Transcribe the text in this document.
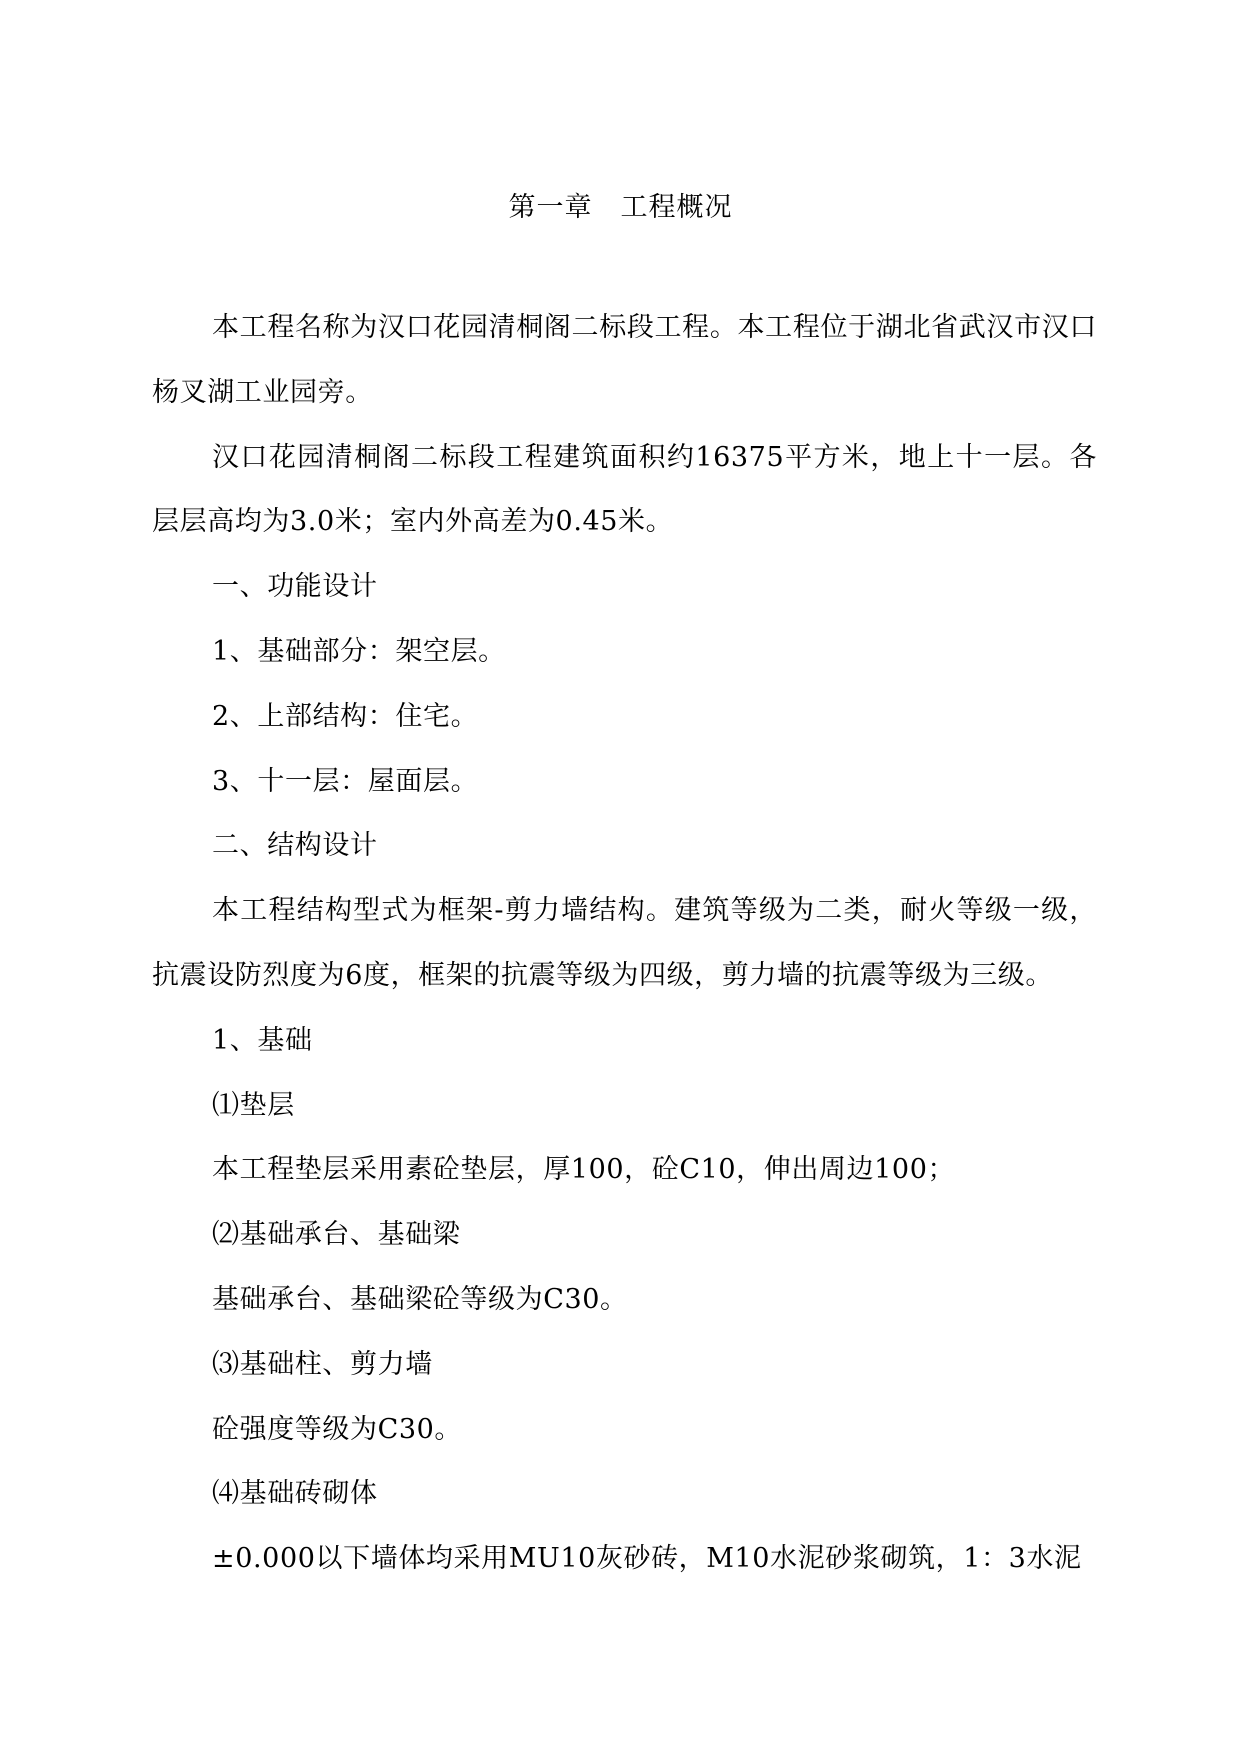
第一章　工程概况

本工程名称为汉口花园清桐阁二标段工程。本工程位于湖北省武汉市汉口杨叉湖工业园旁。

汉口花园清桐阁二标段工程建筑面积约16375平方米，地上十一层。各层层高均为3.0米；室内外高差为0.45米。

一、功能设计

1、基础部分：架空层。

2、上部结构：住宅。

3、十一层：屋面层。

二、结构设计

本工程结构型式为框架-剪力墙结构。建筑等级为二类，耐火等级一级，抗震设防烈度为6度，框架的抗震等级为四级，剪力墙的抗震等级为三级。

1、基础

⑴垫层

本工程垫层采用素砼垫层，厚100，砼C10，伸出周边100；

⑵基础承台、基础梁

基础承台、基础梁砼等级为C30。

⑶基础柱、剪力墙

砼强度等级为C30。

⑷基础砖砌体

±0.000以下墙体均采用MU10灰砂砖，M10水泥砂浆砌筑，1：3水泥
